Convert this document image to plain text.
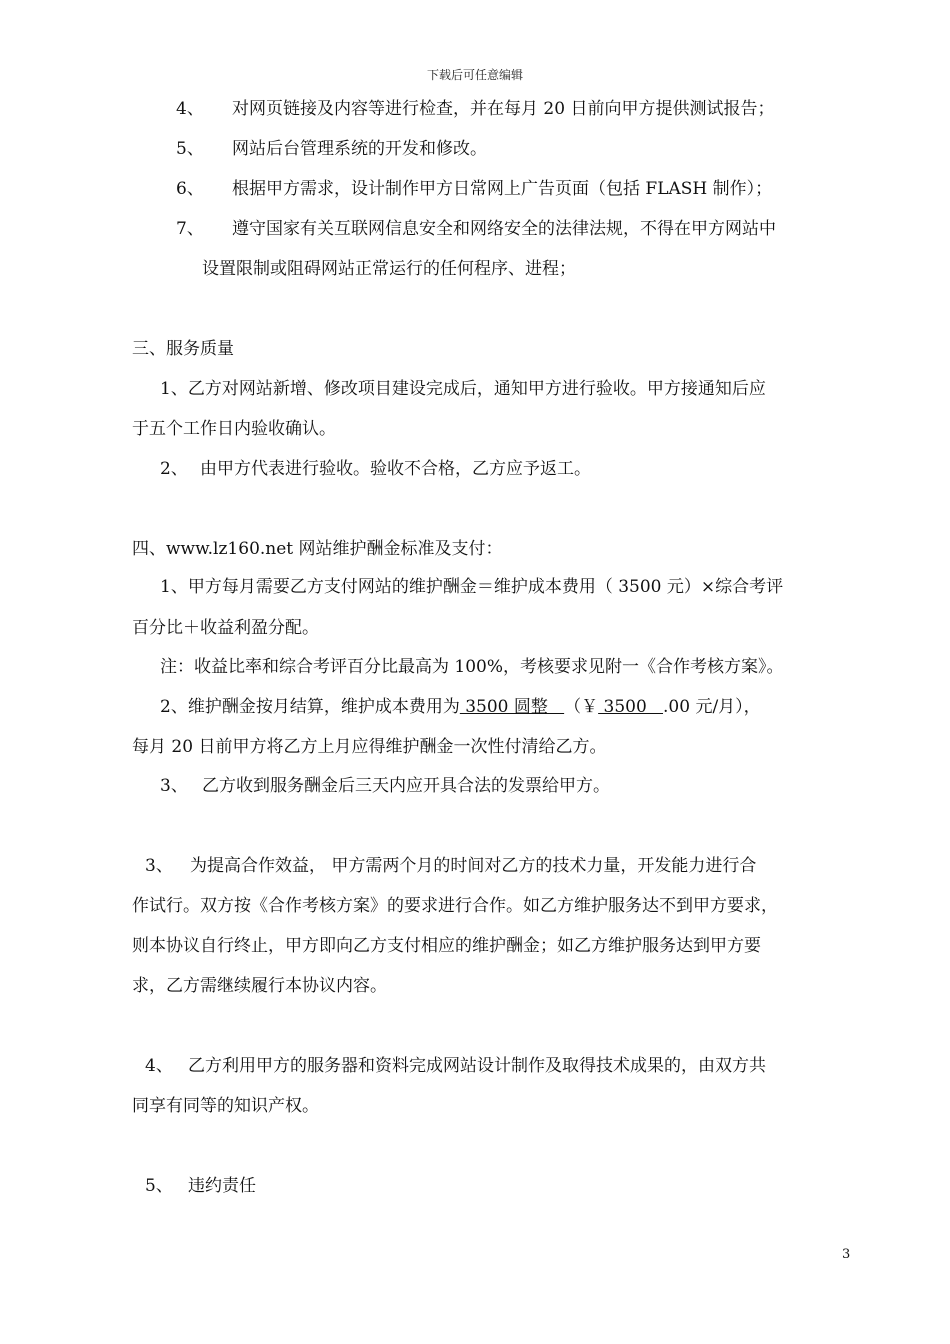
下载后可任意编辑
4、 对网页链接及内容等进行检查，并在每月 20 日前向甲方提供测试报告；
5、 网站后台管理系统的开发和修改。
6、 根据甲方需求，设计制作甲方日常网上广告页面（包括 FLASH 制作）；
7、 遵守国家有关互联网信息安全和网络安全的法律法规，不得在甲方网站中
设置限制或阻碍网站正常运行的任何程序、进程；
三、服务质量
1、乙方对网站新增、修改项目建设完成后，通知甲方进行验收。甲方接通知后应
于五个工作日内验收确认。
2、 由甲方代表进行验收。验收不合格，乙方应予返工。
四、www.lz160.net 网站维护酬金标准及支付：
1、甲方每月需要乙方支付网站的维护酬金＝维护成本费用（ 3500 元）×综合考评
百分比＋收益利盈分配。
注：收益比率和综合考评百分比最高为 100%，考核要求见附一《合作考核方案》。
2、维护酬金按月结算，维护成本费用为 3500 圆整   （￥ 3500   .00 元/月），
每月 20 日前甲方将乙方上月应得维护酬金一次性付清给乙方。
3、 乙方收到服务酬金后三天内应开具合法的发票给甲方。
3、 为提高合作效益， 甲方需两个月的时间对乙方的技术力量，开发能力进行合
作试行。双方按《合作考核方案》的要求进行合作。如乙方维护服务达不到甲方要求，
则本协议自行终止，甲方即向乙方支付相应的维护酬金；如乙方维护服务达到甲方要
求，乙方需继续履行本协议内容。
4、 乙方利用甲方的服务器和资料完成网站设计制作及取得技术成果的，由双方共
同享有同等的知识产权。
5、 违约责任
3
